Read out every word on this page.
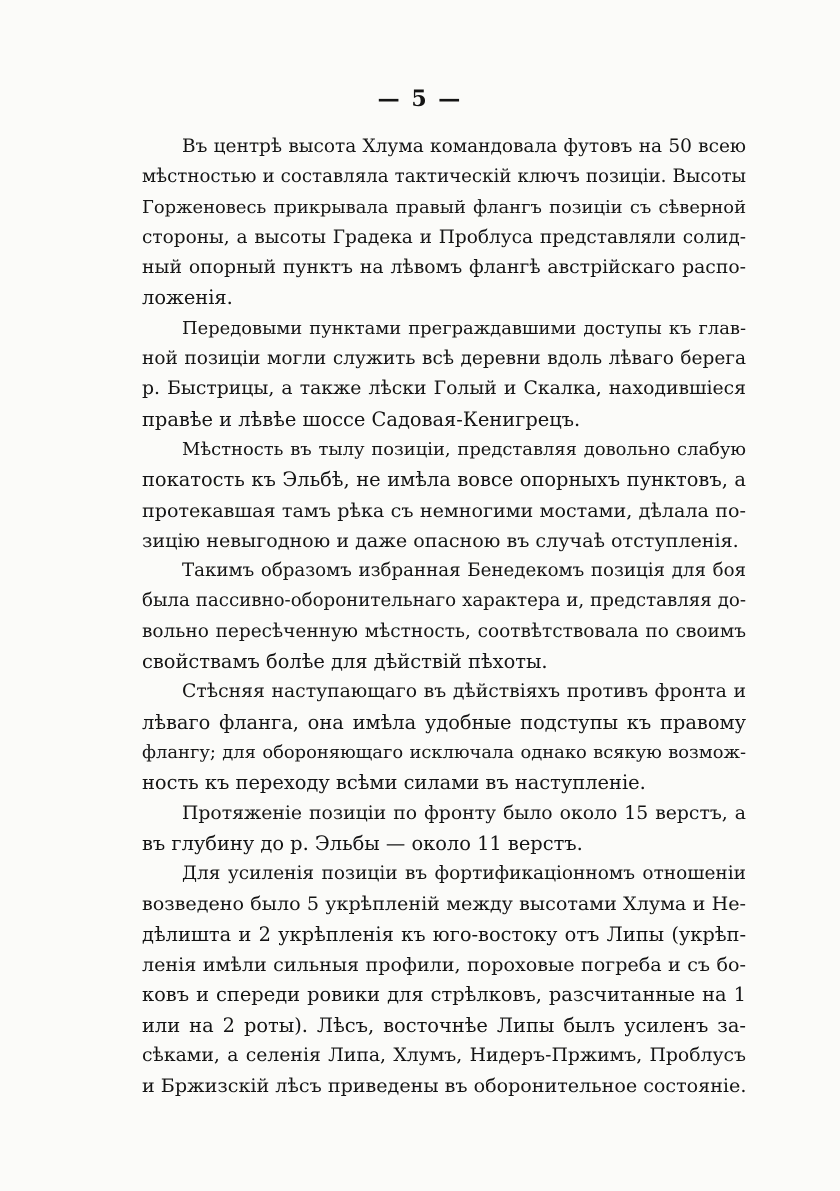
— 5 —
Въ центрѣ высота Хлума командовала футовъ на 50 всею
мѣстностью и составляла тактическій ключъ позиціи. Высоты
Горженовесь прикрывала правый флангъ позиціи съ сѣверной
стороны, а высоты Градека и Проблуса представляли солид-
ный опорный пунктъ на лѣвомъ флангѣ австрійскаго распо-
ложенія.
Передовыми пунктами преграждавшими доступы къ глав-
ной позиціи могли служить всѣ деревни вдоль лѣваго берега
р. Быстрицы, а также лѣски Голый и Скалка, находившіеся
правѣе и лѣвѣе шоссе Садовая-Кенигрецъ.
Мѣстность въ тылу позиціи, представляя довольно слабую
покатость къ Эльбѣ, не имѣла вовсе опорныхъ пунктовъ, а
протекавшая тамъ рѣка съ немногими мостами, дѣлала по-
зицію невыгодною и даже опасною въ случаѣ отступленія.
Такимъ образомъ избранная Бенедекомъ позиція для боя
была пассивно-оборонительнаго характера и, представляя до-
вольно пересѣченную мѣстность, соотвѣтствовала по своимъ
свойствамъ болѣе для дѣйствій пѣхоты.
Стѣсняя наступающаго въ дѣйствіяхъ противъ фронта и
лѣваго фланга, она имѣла удобные подступы къ правому
флангу; для обороняющаго исключала однако всякую возмож-
ность къ переходу всѣми силами въ наступленіе.
Протяженіе позиціи по фронту было около 15 верстъ, а
въ глубину до р. Эльбы — около 11 верстъ.
Для усиленія позиціи въ фортификаціонномъ отношеніи
возведено было 5 укрѣпленій между высотами Хлума и Не-
дѣлишта и 2 укрѣпленія къ юго-востоку отъ Липы (укрѣп-
ленія имѣли сильныя профили, пороховые погреба и съ бо-
ковъ и спереди ровики для стрѣлковъ, разсчитанные на 1
или на 2 роты). Лѣсъ, восточнѣе Липы былъ усиленъ за-
сѣками, а селенія Липа, Хлумъ, Нидеръ-Пржимъ, Проблусъ
и Бржизскій лѣсъ приведены въ оборонительное состояніе.
